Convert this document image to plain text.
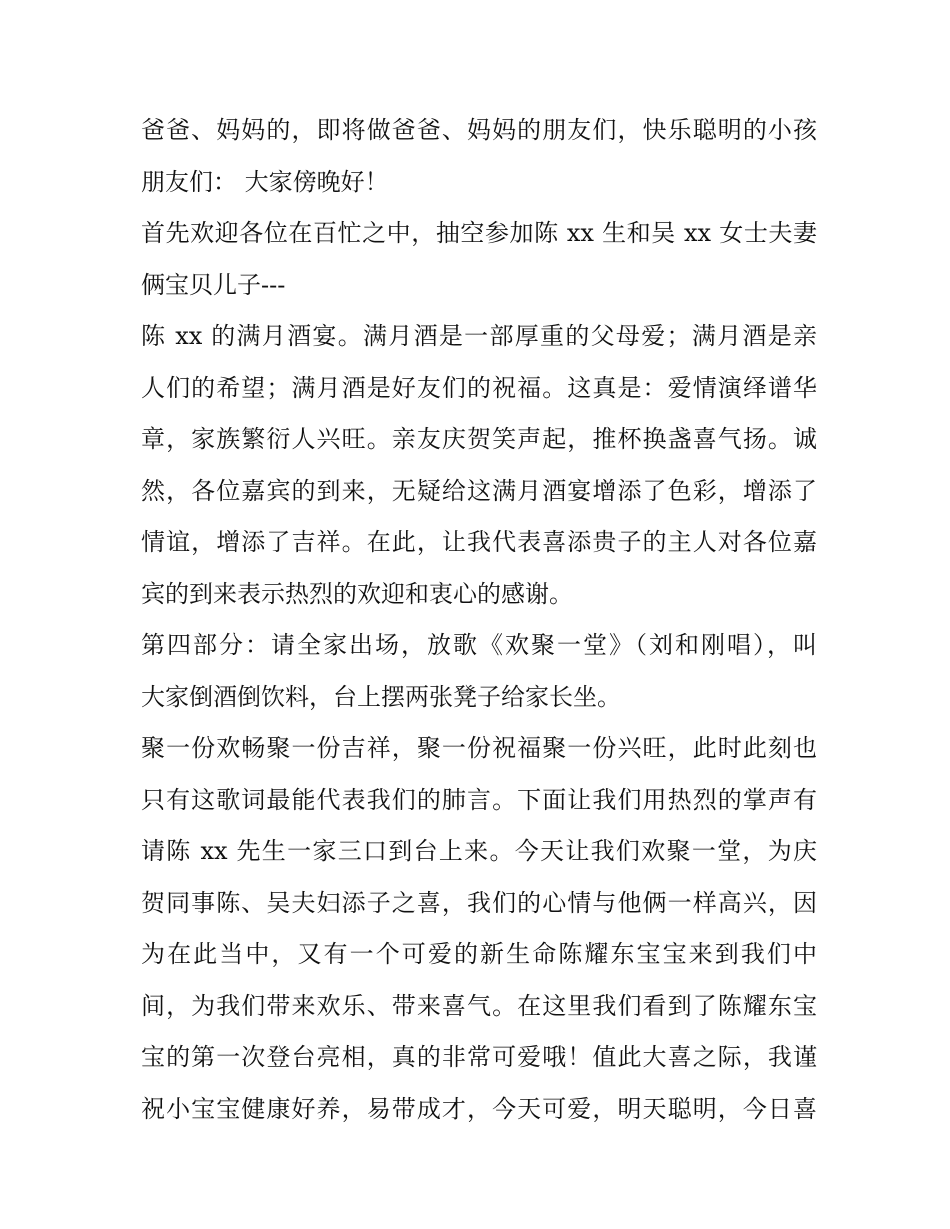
爸爸、妈妈的，即将做爸爸、妈妈的朋友们，快乐聪明的小孩
朋友们： 大家傍晚好！
首先欢迎各位在百忙之中，抽空参加陈 xx 生和吴 xx 女士夫妻
俩宝贝儿子---
陈 xx 的满月酒宴。满月酒是一部厚重的父母爱；满月酒是亲
人们的希望；满月酒是好友们的祝福。这真是：爱情演绎谱华
章，家族繁衍人兴旺。亲友庆贺笑声起，推杯换盏喜气扬。诚
然，各位嘉宾的到来，无疑给这满月酒宴增添了色彩，增添了
情谊，增添了吉祥。在此，让我代表喜添贵子的主人对各位嘉
宾的到来表示热烈的欢迎和衷心的感谢。
第四部分：请全家出场，放歌《欢聚一堂》（刘和刚唱），叫
大家倒酒倒饮料，台上摆两张凳子给家长坐。
聚一份欢畅聚一份吉祥，聚一份祝福聚一份兴旺，此时此刻也
只有这歌词最能代表我们的肺言。下面让我们用热烈的掌声有
请陈 xx 先生一家三口到台上来。今天让我们欢聚一堂，为庆
贺同事陈、吴夫妇添子之喜，我们的心情与他俩一样高兴，因
为在此当中，又有一个可爱的新生命陈耀东宝宝来到我们中
间，为我们带来欢乐、带来喜气。在这里我们看到了陈耀东宝
宝的第一次登台亮相，真的非常可爱哦！值此大喜之际，我谨
祝小宝宝健康好养，易带成才，今天可爱，明天聪明，今日喜
